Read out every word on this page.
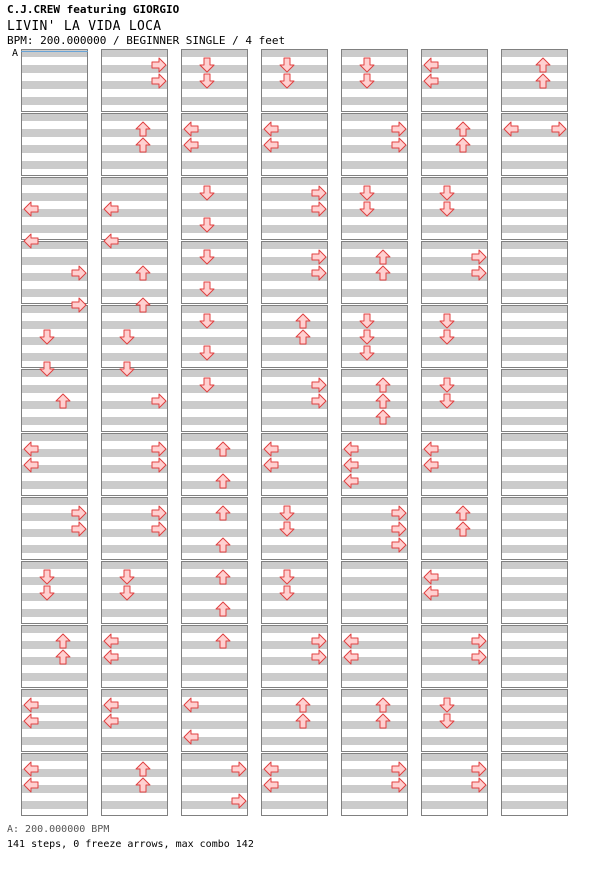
C.J.CREW featuring GIORGIO
LIVIN' LA VIDA LOCA
BPM: 200.000000 / BEGINNER SINGLE / 4 feet
A
A: 200.000000 BPM
141 steps, 0 freeze arrows, max combo 142
